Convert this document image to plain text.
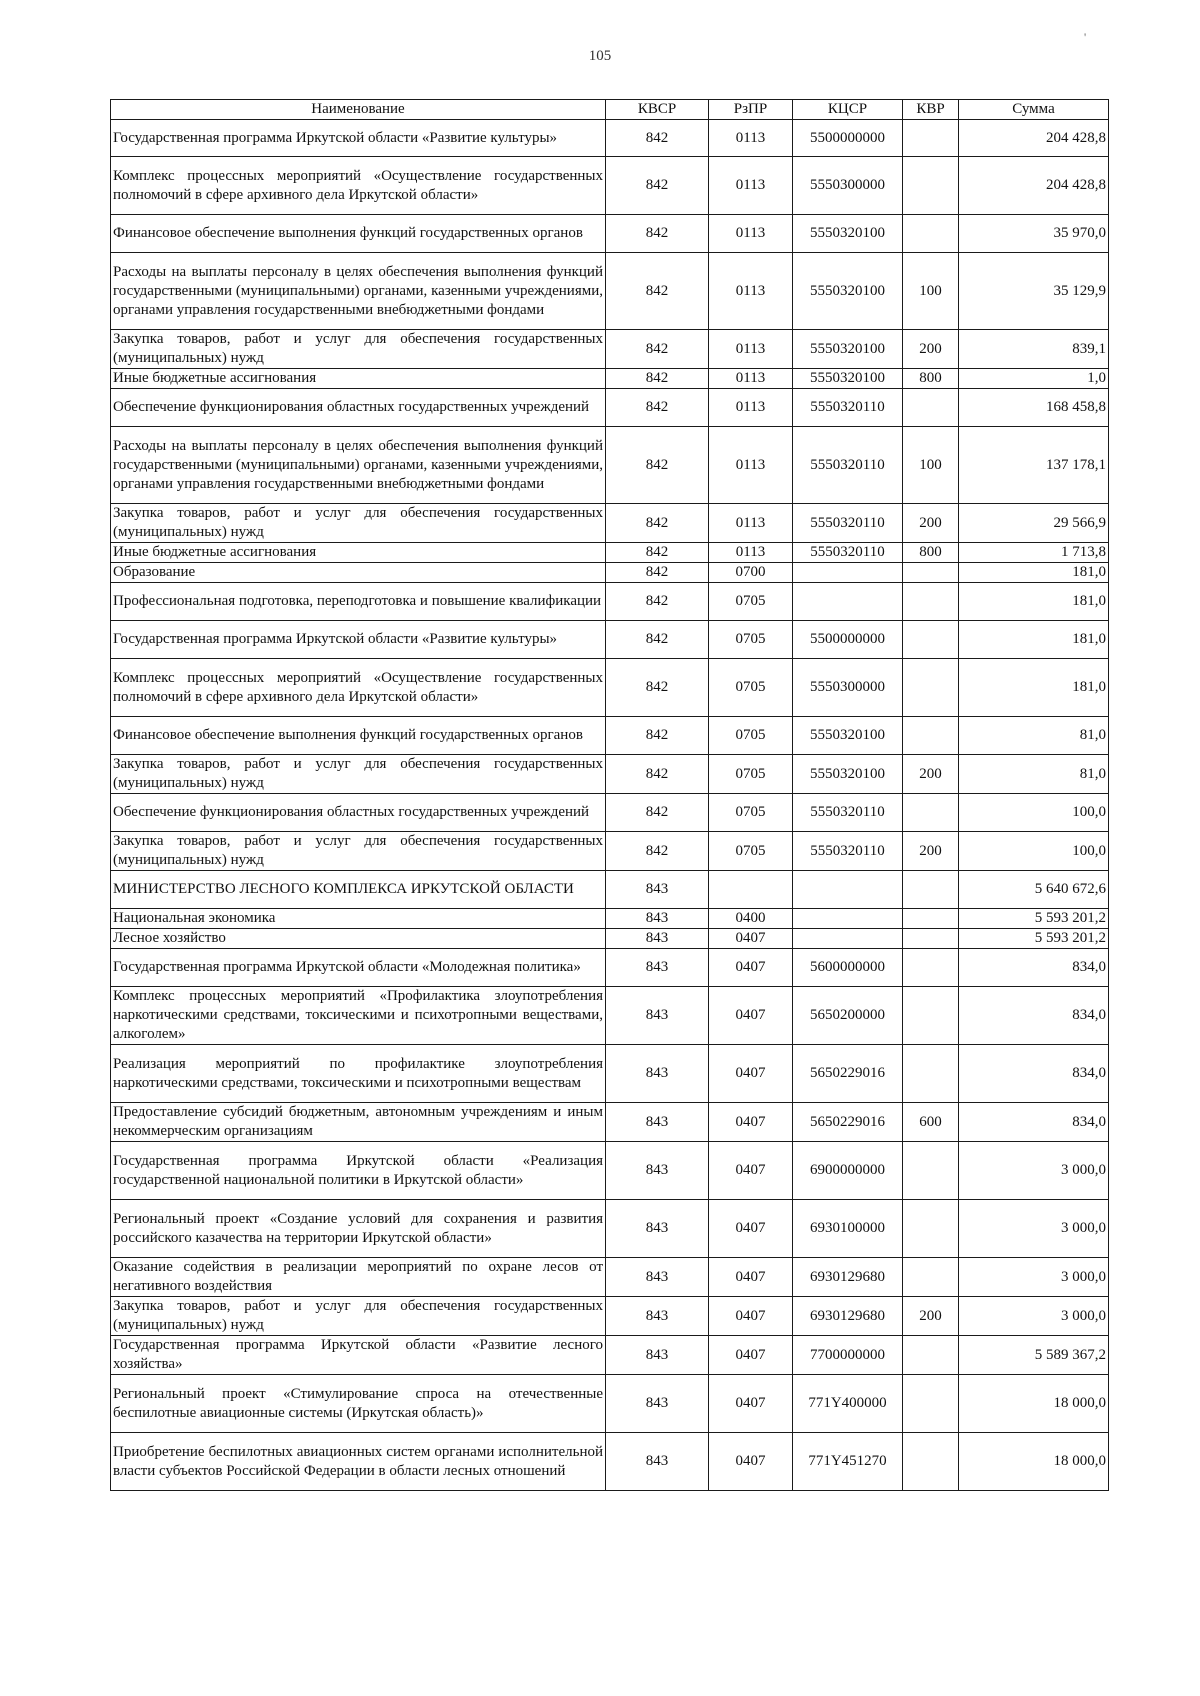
105
'
Наименование	КВСР	РзПР	КЦСР	КВР	Сумма
Государственная программа Иркутской области «Развитие культуры»	842	0113	5500000000		204 428,8
Комплекс процессных мероприятий «Осуществление государственных полномочий в сфере архивного дела Иркутской области»	842	0113	5550300000		204 428,8
Финансовое обеспечение выполнения функций государственных органов	842	0113	5550320100		35 970,0
Расходы на выплаты персоналу в целях обеспечения выполнения функций государственными (муниципальными) органами, казенными учреждениями, органами управления государственными внебюджетными фондами	842	0113	5550320100	100	35 129,9
Закупка товаров, работ и услуг для обеспечения государственных (муниципальных) нужд	842	0113	5550320100	200	839,1
Иные бюджетные ассигнования	842	0113	5550320100	800	1,0
Обеспечение функционирования областных государственных учреждений	842	0113	5550320110		168 458,8
Расходы на выплаты персоналу в целях обеспечения выполнения функций государственными (муниципальными) органами, казенными учреждениями, органами управления государственными внебюджетными фондами	842	0113	5550320110	100	137 178,1
Закупка товаров, работ и услуг для обеспечения государственных (муниципальных) нужд	842	0113	5550320110	200	29 566,9
Иные бюджетные ассигнования	842	0113	5550320110	800	1 713,8
Образование	842	0700			181,0
Профессиональная подготовка, переподготовка и повышение квалификации	842	0705			181,0
Государственная программа Иркутской области «Развитие культуры»	842	0705	5500000000		181,0
Комплекс процессных мероприятий «Осуществление государственных полномочий в сфере архивного дела Иркутской области»	842	0705	5550300000		181,0
Финансовое обеспечение выполнения функций государственных органов	842	0705	5550320100		81,0
Закупка товаров, работ и услуг для обеспечения государственных (муниципальных) нужд	842	0705	5550320100	200	81,0
Обеспечение функционирования областных государственных учреждений	842	0705	5550320110		100,0
Закупка товаров, работ и услуг для обеспечения государственных (муниципальных) нужд	842	0705	5550320110	200	100,0
МИНИСТЕРСТВО ЛЕСНОГО КОМПЛЕКСА ИРКУТСКОЙ ОБЛАСТИ	843				5 640 672,6
Национальная экономика	843	0400			5 593 201,2
Лесное хозяйство	843	0407			5 593 201,2
Государственная программа Иркутской области «Молодежная политика»	843	0407	5600000000		834,0
Комплекс процессных мероприятий «Профилактика злоупотребления наркотическими средствами, токсическими и психотропными веществами, алкоголем»	843	0407	5650200000		834,0
Реализация мероприятий по профилактике злоупотребления наркотическими средствами, токсическими и психотропными веществам	843	0407	5650229016		834,0
Предоставление субсидий бюджетным, автономным учреждениям и иным некоммерческим организациям	843	0407	5650229016	600	834,0
Государственная программа Иркутской области «Реализация государственной национальной политики в Иркутской области»	843	0407	6900000000		3 000,0
Региональный проект «Создание условий для сохранения и развития российского казачества на территории Иркутской области»	843	0407	6930100000		3 000,0
Оказание содействия в реализации мероприятий по охране лесов от негативного воздействия	843	0407	6930129680		3 000,0
Закупка товаров, работ и услуг для обеспечения государственных (муниципальных) нужд	843	0407	6930129680	200	3 000,0
Государственная программа Иркутской области «Развитие лесного хозяйства»	843	0407	7700000000		5 589 367,2
Региональный проект «Стимулирование спроса на отечественные беспилотные авиационные системы (Иркутская область)»	843	0407	771Y400000		18 000,0
Приобретение беспилотных авиационных систем органами исполнительной власти субъектов Российской Федерации в области лесных отношений	843	0407	771Y451270		18 000,0
